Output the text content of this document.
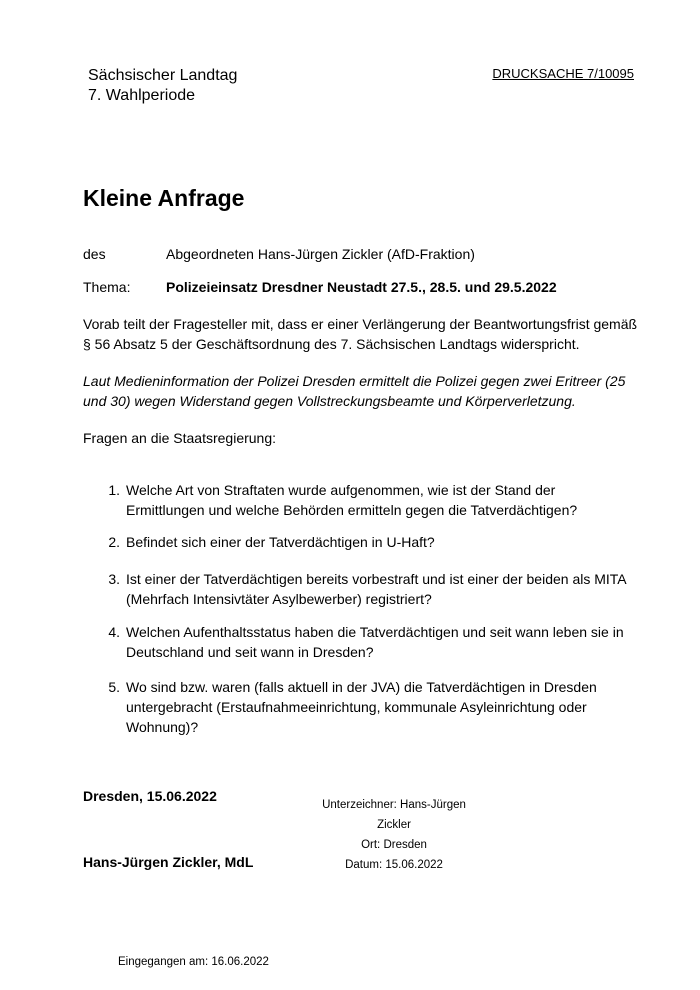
Sächsischer Landtag
7. Wahlperiode
DRUCKSACHE 7/10095
Kleine Anfrage
des	Abgeordneten Hans-Jürgen Zickler (AfD-Fraktion)
Thema:	Polizeieinsatz Dresdner Neustadt 27.5., 28.5. und 29.5.2022
Vorab teilt der Fragesteller mit, dass er einer Verlängerung der Beantwortungsfrist gemäß § 56 Absatz 5 der Geschäftsordnung des 7. Sächsischen Landtags widerspricht.
Laut Medieninformation der Polizei Dresden ermittelt die Polizei gegen zwei Eritreer (25 und 30) wegen Widerstand gegen Vollstreckungsbeamte und Körperverletzung.
Fragen an die Staatsregierung:
1. Welche Art von Straftaten wurde aufgenommen, wie ist der Stand der Ermittlungen und welche Behörden ermitteln gegen die Tatverdächtigen?
2. Befindet sich einer der Tatverdächtigen in U-Haft?
3. Ist einer der Tatverdächtigen bereits vorbestraft und ist einer der beiden als MITA (Mehrfach Intensivtäter Asylbewerber) registriert?
4. Welchen Aufenthaltsstatus haben die Tatverdächtigen und seit wann leben sie in Deutschland und seit wann in Dresden?
5. Wo sind bzw. waren (falls aktuell in der JVA) die Tatverdächtigen in Dresden untergebracht (Erstaufnahmeeinrichtung, kommunale Asyleinrichtung oder Wohnung)?
Dresden, 15.06.2022
Unterzeichner: Hans-Jürgen
Zickler
Ort: Dresden
Datum: 15.06.2022
Hans-Jürgen Zickler, MdL
Eingegangen am: 16.06.2022
